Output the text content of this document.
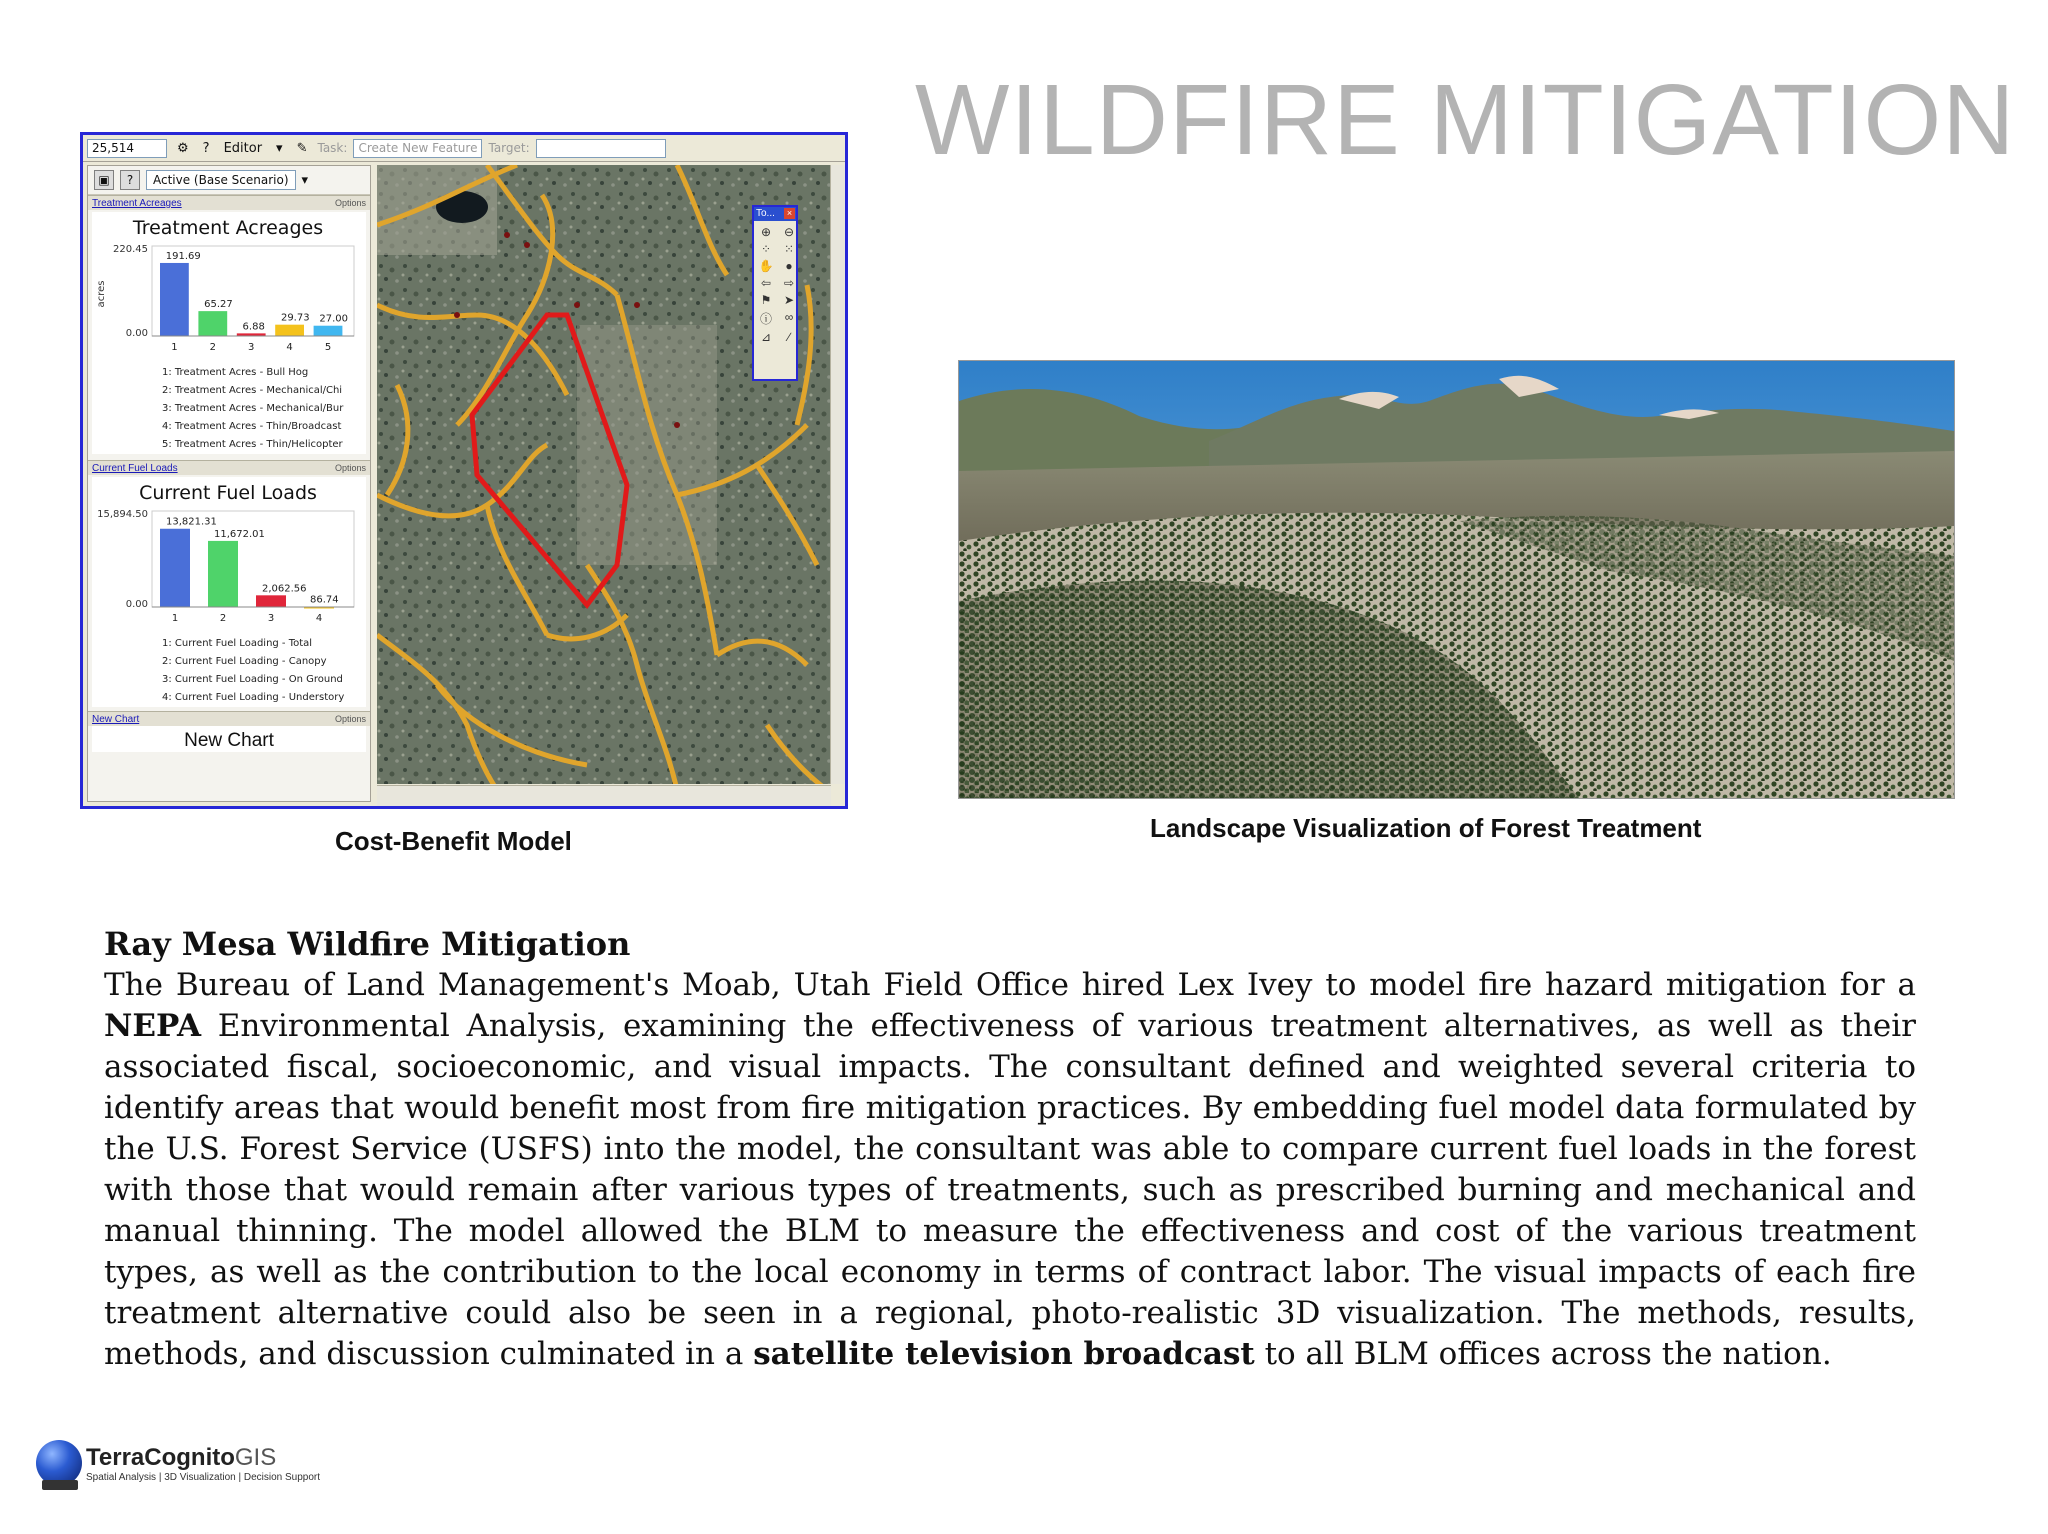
WILDFIRE MITIGATION
25,514	⚙	?	Editor	▾	✎ Task: Create New Feature Target:
▣	?	Active (Base Scenario)	▾
Treatment Acreages	Options
Treatment Acreages
220.45
0.00
acres
191.69
1
65.27
2
6.88
3
29.73
4
27.00
5
1: Treatment Acres - Bull Hog
2: Treatment Acres - Mechanical/Chi
3: Treatment Acres - Mechanical/Bur
4: Treatment Acres - Thin/Broadcast
5: Treatment Acres - Thin/Helicopter
Current Fuel Loads	Options
Current Fuel Loads
15,894.50
0.00
13,821.31
1
11,672.01
2
2,062.56
3
86.74
4
1: Current Fuel Loading - Total
2: Current Fuel Loading - Canopy
3: Current Fuel Loading - On Ground
4: Current Fuel Loading - Understory
New Chart	Options
New Chart
To...	×
⊕	⊖
⁘	⁙
✋ ●
⇦	⇨
⚑	➤
ⓘ	∞
⊿	∕
Cost-Benefit Model	Landscape Visualization of Forest Treatment
Ray Mesa Wildfire Mitigation

The Bureau of Land Management's Moab, Utah Field Office hired Lex Ivey to model fire hazard mitigation for a NEPA Environmental Analysis, examining the effectiveness of various treatment alternatives, as well as their associated fiscal, socioeconomic, and visual impacts. The consultant defined and weighted several criteria to identify areas that would benefit most from fire mitigation practices. By embedding fuel model data formulated by the U.S. Forest Service (USFS) into the model, the consultant was able to compare current fuel loads in the forest with those that would remain after various types of treatments, such as prescribed burning and mechanical and manual thinning. The model allowed the BLM to measure the effectiveness and cost of the various treatment types, as well as the contribution to the local economy in terms of contract labor. The visual impacts of each fire treatment alternative could also be seen in a regional, photo-realistic 3D visualization. The methods, results, methods, and discussion culminated in a satellite television broadcast to all BLM offices across the nation.

TerraCognitoGIS
Spatial Analysis | 3D Visualization | Decision Support
